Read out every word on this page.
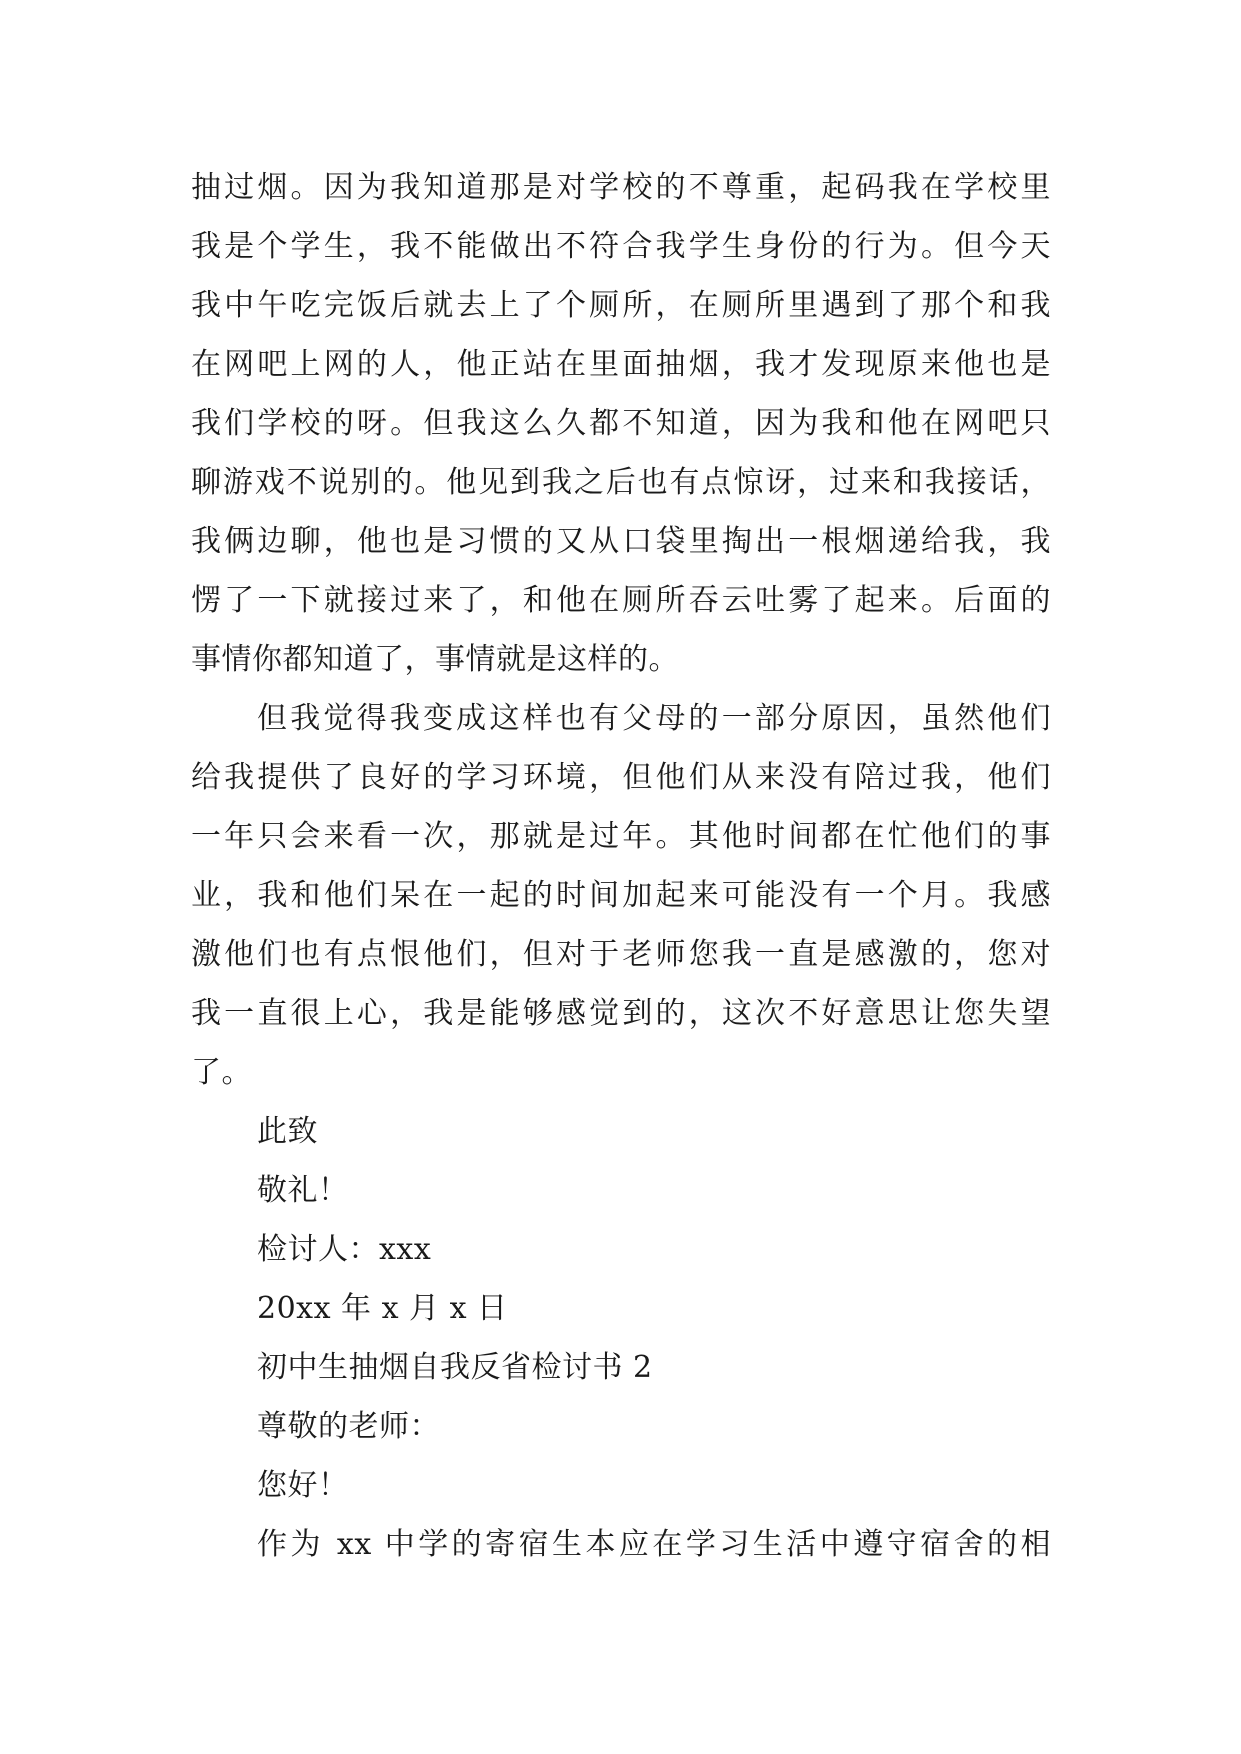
抽过烟。因为我知道那是对学校的不尊重，起码我在学校里
我是个学生，我不能做出不符合我学生身份的行为。但今天
我中午吃完饭后就去上了个厕所，在厕所里遇到了那个和我
在网吧上网的人，他正站在里面抽烟，我才发现原来他也是
我们学校的呀。但我这么久都不知道，因为我和他在网吧只
聊游戏不说别的。他见到我之后也有点惊讶，过来和我接话，
我俩边聊，他也是习惯的又从口袋里掏出一根烟递给我，我
愣了一下就接过来了，和他在厕所吞云吐雾了起来。后面的
事情你都知道了，事情就是这样的。
但我觉得我变成这样也有父母的一部分原因，虽然他们
给我提供了良好的学习环境，但他们从来没有陪过我，他们
一年只会来看一次，那就是过年。其他时间都在忙他们的事
业，我和他们呆在一起的时间加起来可能没有一个月。我感
激他们也有点恨他们，但对于老师您我一直是感激的，您对
我一直很上心，我是能够感觉到的，这次不好意思让您失望
了。
此致
敬礼！
检讨人：xxx
20xx 年 x 月 x 日
初中生抽烟自我反省检讨书 2
尊敬的老师：
您好！
作为 xx 中学的寄宿生本应在学习生活中遵守宿舍的相
